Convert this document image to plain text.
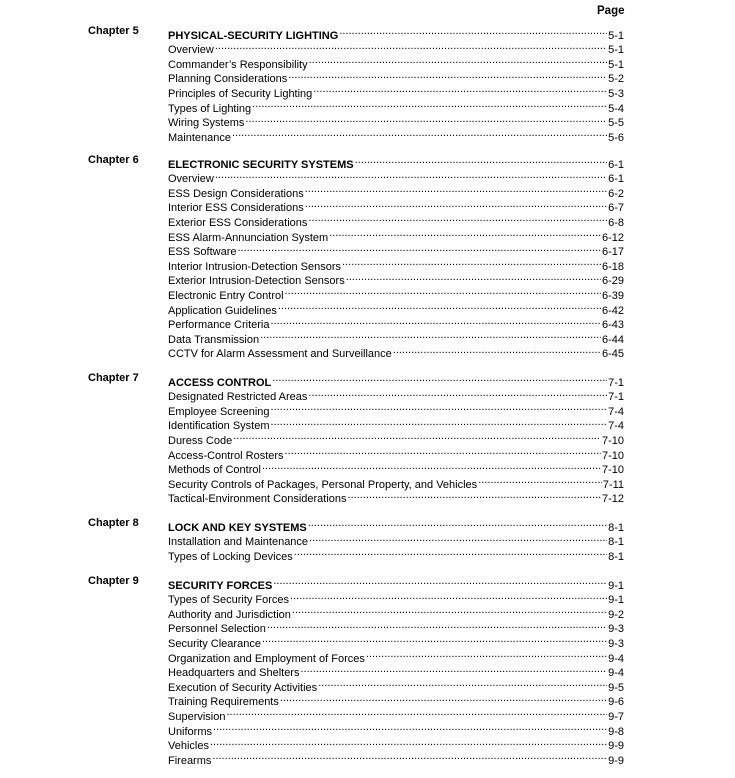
Page
Chapter 5	PHYSICAL-SECURITY LIGHTING .....	5-1
Overview .....	5-1
Commander’s Responsibility .....	5-1
Planning Considerations .....	5-2
Principles of Security Lighting .....	5-3
Types of Lighting .....	5-4
Wiring Systems .....	5-5
Maintenance .....	5-6
Chapter 6	ELECTRONIC SECURITY SYSTEMS .....	6-1
Overview .....	6-1
ESS Design Considerations .....	6-2
Interior ESS Considerations .....	6-7
Exterior ESS Considerations .....	6-8
ESS Alarm-Annunciation System .....	6-12
ESS Software .....	6-17
Interior Intrusion-Detection Sensors .....	6-18
Exterior Intrusion-Detection Sensors .....	6-29
Electronic Entry Control .....	6-39
Application Guidelines .....	6-42
Performance Criteria .....	6-43
Data Transmission .....	6-44
CCTV for Alarm Assessment and Surveillance .....	6-45
Chapter 7	ACCESS CONTROL .....	7-1
Designated Restricted Areas .....	7-1
Employee Screening .....	7-4
Identification System .....	7-4
Duress Code .....	7-10
Access-Control Rosters .....	7-10
Methods of Control .....	7-10
Security Controls of Packages, Personal Property, and Vehicles .....	7-11
Tactical-Environment Considerations .....	7-12
Chapter 8	LOCK AND KEY SYSTEMS .....	8-1
Installation and Maintenance .....	8-1
Types of Locking Devices .....	8-1
Chapter 9	SECURITY FORCES .....	9-1
Types of Security Forces .....	9-1
Authority and Jurisdiction .....	9-2
Personnel Selection .....	9-3
Security Clearance .....	9-3
Organization and Employment of Forces .....	9-4
Headquarters and Shelters .....	9-4
Execution of Security Activities .....	9-5
Training Requirements .....	9-6
Supervision .....	9-7
Uniforms .....	9-8
Vehicles .....	9-9
Firearms .....	9-9
